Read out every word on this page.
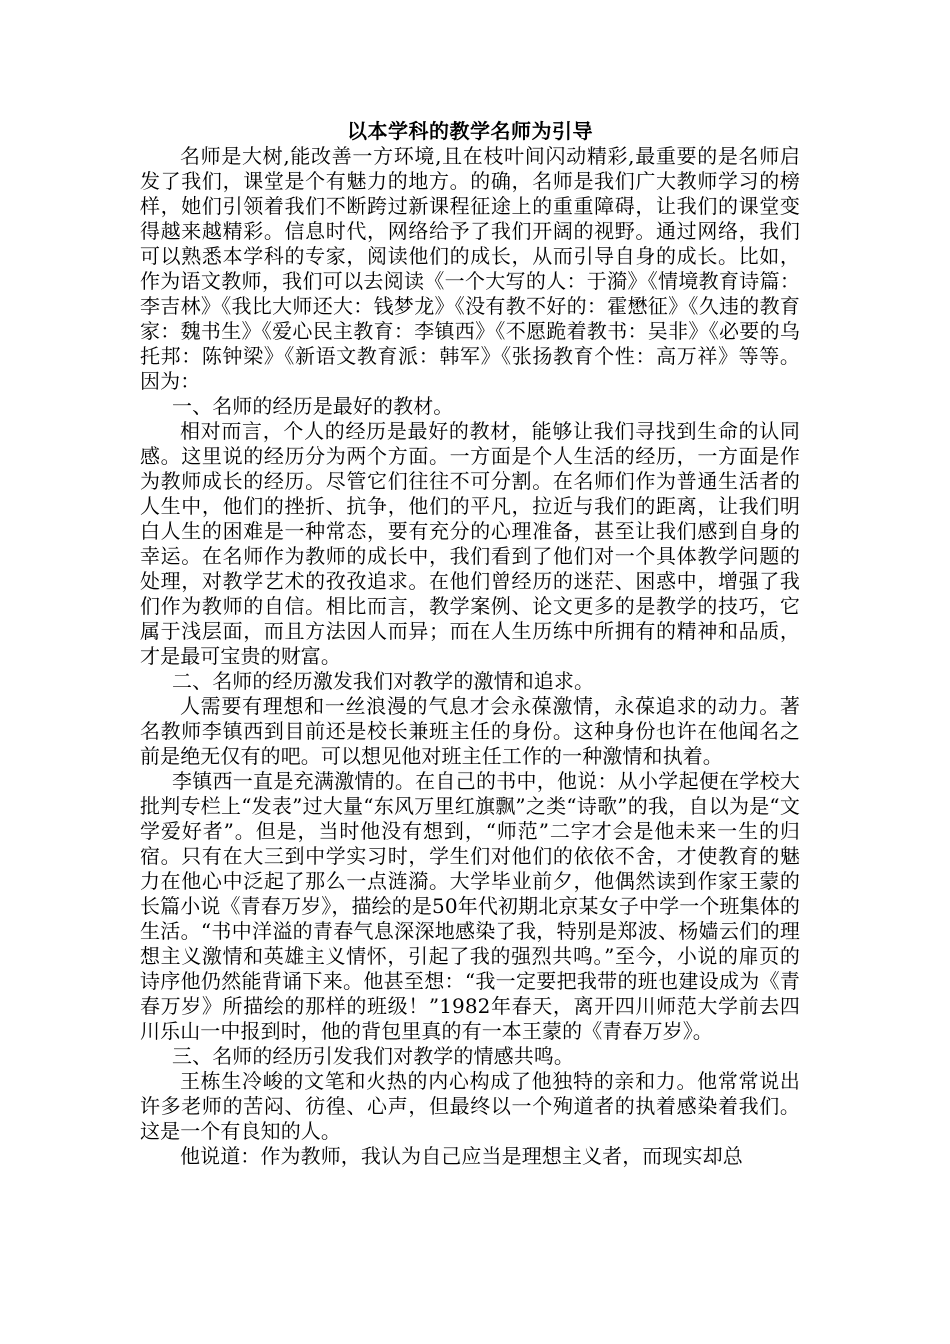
以本学科的教学名师为引导

名师是大树,能改善一方环境,且在枝叶间闪动精彩,最重要的是名师启发了我们，课堂是个有魅力的地方。的确，名师是我们广大教师学习的榜样，她们引领着我们不断跨过新课程征途上的重重障碍，让我们的课堂变得越来越精彩。信息时代，网络给予了我们开阔的视野。通过网络，我们可以熟悉本学科的专家，阅读他们的成长，从而引导自身的成长。比如，作为语文教师，我们可以去阅读《一个大写的人：于漪》《情境教育诗篇：李吉林》《我比大师还大：钱梦龙》《没有教不好的：霍懋征》《久违的教育家：魏书生》《爱心民主教育：李镇西》《不愿跪着教书：吴非》《必要的乌托邦：陈钟梁》《新语文教育派：韩军》《张扬教育个性：高万祥》等等。因为：

一、名师的经历是最好的教材。

相对而言，个人的经历是最好的教材，能够让我们寻找到生命的认同感。这里说的经历分为两个方面。一方面是个人生活的经历，一方面是作为教师成长的经历。尽管它们往往不可分割。在名师们作为普通生活者的人生中，他们的挫折、抗争，他们的平凡，拉近与我们的距离，让我们明白人生的困难是一种常态，要有充分的心理准备，甚至让我们感到自身的幸运。在名师作为教师的成长中，我们看到了他们对一个具体教学问题的处理，对教学艺术的孜孜追求。在他们曾经历的迷茫、困惑中，增强了我们作为教师的自信。相比而言，教学案例、论文更多的是教学的技巧，它属于浅层面，而且方法因人而异；而在人生历练中所拥有的精神和品质，才是最可宝贵的财富。

二、名师的经历激发我们对教学的激情和追求。

人需要有理想和一丝浪漫的气息才会永葆激情，永葆追求的动力。著名教师李镇西到目前还是校长兼班主任的身份。这种身份也许在他闻名之前是绝无仅有的吧。可以想见他对班主任工作的一种激情和执着。

李镇西一直是充满激情的。在自己的书中，他说：从小学起便在学校大批判专栏上“发表”过大量“东风万里红旗飘”之类“诗歌”的我，自以为是“文学爱好者”。但是，当时他没有想到，“师范”二字才会是他未来一生的归宿。只有在大三到中学实习时，学生们对他们的依依不舍，才使教育的魅力在他心中泛起了那么一点涟漪。大学毕业前夕，他偶然读到作家王蒙的长篇小说《青春万岁》，描绘的是50年代初期北京某女子中学一个班集体的生活。“书中洋溢的青春气息深深地感染了我，特别是郑波、杨嫱云们的理想主义激情和英雄主义情怀，引起了我的强烈共鸣。”至今，小说的扉页的诗序他仍然能背诵下来。他甚至想：“我一定要把我带的班也建设成为《青春万岁》所描绘的那样的班级！”1982年春天，离开四川师范大学前去四川乐山一中报到时，他的背包里真的有一本王蒙的《青春万岁》。

三、名师的经历引发我们对教学的情感共鸣。

王栋生冷峻的文笔和火热的内心构成了他独特的亲和力。他常常说出许多老师的苦闷、彷徨、心声，但最终以一个殉道者的执着感染着我们。这是一个有良知的人。

他说道：作为教师，我认为自己应当是理想主义者，而现实却总
